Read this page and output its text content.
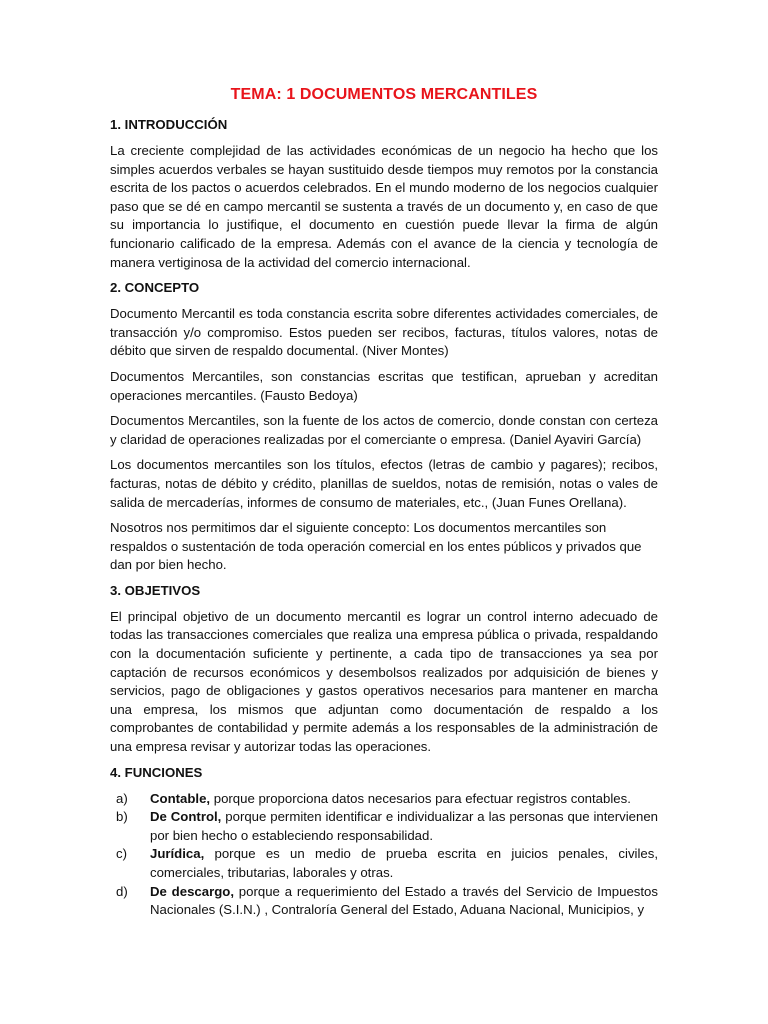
TEMA: 1 DOCUMENTOS MERCANTILES
1. INTRODUCCIÓN

La creciente complejidad de las actividades económicas de un negocio ha hecho que los simples acuerdos verbales se hayan sustituido desde tiempos muy remotos por la constancia escrita de los pactos o acuerdos celebrados. En el mundo moderno de los negocios cualquier paso que se dé en campo mercantil se sustenta a través de un documento y, en caso de que su importancia lo justifique, el documento en cuestión puede llevar la firma de algún funcionario calificado de la empresa. Además con el avance de la ciencia y tecnología de manera vertiginosa de la actividad del comercio internacional.

2. CONCEPTO

Documento Mercantil es toda constancia escrita sobre diferentes actividades comerciales, de transacción y/o compromiso. Estos pueden ser recibos, facturas, títulos valores, notas de débito que sirven de respaldo documental. (Niver Montes)

Documentos Mercantiles, son constancias escritas que testifican, aprueban y acreditan operaciones mercantiles. (Fausto Bedoya)

Documentos Mercantiles, son la fuente de los actos de comercio, donde constan con certeza y claridad de operaciones realizadas por el comerciante o empresa. (Daniel Ayaviri García)

Los documentos mercantiles son los títulos, efectos (letras de cambio y pagares); recibos, facturas, notas de débito y crédito, planillas de sueldos, notas de remisión, notas o vales de salida de mercaderías, informes de consumo de materiales, etc., (Juan Funes Orellana).

Nosotros nos permitimos dar el siguiente concepto: Los documentos mercantiles son respaldos o sustentación de toda operación comercial en los entes públicos y privados que dan por bien hecho.

3. OBJETIVOS

El principal objetivo de un documento mercantil es lograr un control interno adecuado de todas las transacciones comerciales que realiza una empresa pública o privada, respaldando con la documentación suficiente y pertinente, a cada tipo de transacciones ya sea por captación de recursos económicos y desembolsos realizados por adquisición de bienes y servicios, pago de obligaciones y gastos operativos necesarios para mantener en marcha una empresa, los mismos que adjuntan como documentación de respaldo a los comprobantes de contabilidad y permite además a los responsables de la administración de una empresa revisar y autorizar todas las operaciones.

4. FUNCIONES
a)	Contable, porque proporciona datos necesarios para efectuar registros contables.
b)	De Control, porque permiten identificar e individualizar a las personas que intervienen por bien hecho o estableciendo responsabilidad.
c)	Jurídica, porque es un medio de prueba escrita en juicios penales, civiles, comerciales, tributarias, laborales y otras.
d)	De descargo, porque a requerimiento del Estado a través del Servicio de Impuestos Nacionales (S.I.N.) , Contraloría General del Estado, Aduana Nacional, Municipios, y
